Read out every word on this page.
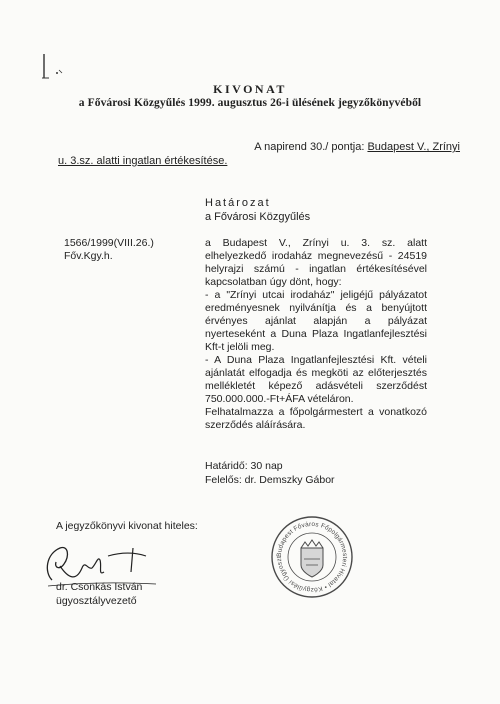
KIVONAT
a Fővárosi Közgyűlés 1999. augusztus 26-i ülésének jegyzőkönyvéből
A napirend 30./ pontja: Budapest V., Zrínyi
u. 3.sz. alatti ingatlan értékesítése.
Határozat
a Fővárosi Közgyűlés
1566/1999(VIII.26.)
Főv.Kgy.h.

a Budapest V., Zrínyi u. 3. sz. alatt elhelyezkedő irodaház megnevezésű - 24519 helyrajzi számú - ingatlan értékesítésével kapcsolatban úgy dönt, hogy:

- a "Zrínyi utcai irodaház" jeligéjű pályázatot eredményesnek nyilvánítja és a benyújtott érvényes ajánlat alapján a pályázat nyerteseként a Duna Plaza Ingatlanfejlesztési Kft-t jelöli meg.

- A Duna Plaza Ingatlanfejlesztési Kft. vételi ajánlatát elfogadja és megköti az előterjesztés mellékletét képező adásvételi szerződést 750.000.000.-Ft+ÁFA vételáron.

Felhatalmazza a főpolgármestert a vonatkozó szerződés aláírására.

Határidő: 30 nap
Felelős: dr. Demszky Gábor
A jegyzőkönyvi kivonat hiteles:
dr. Csonkás István
ügyosztályvezető
Budapest Főváros Főpolgármesteri Hivatal • Közgyűlési Ügyoszt
